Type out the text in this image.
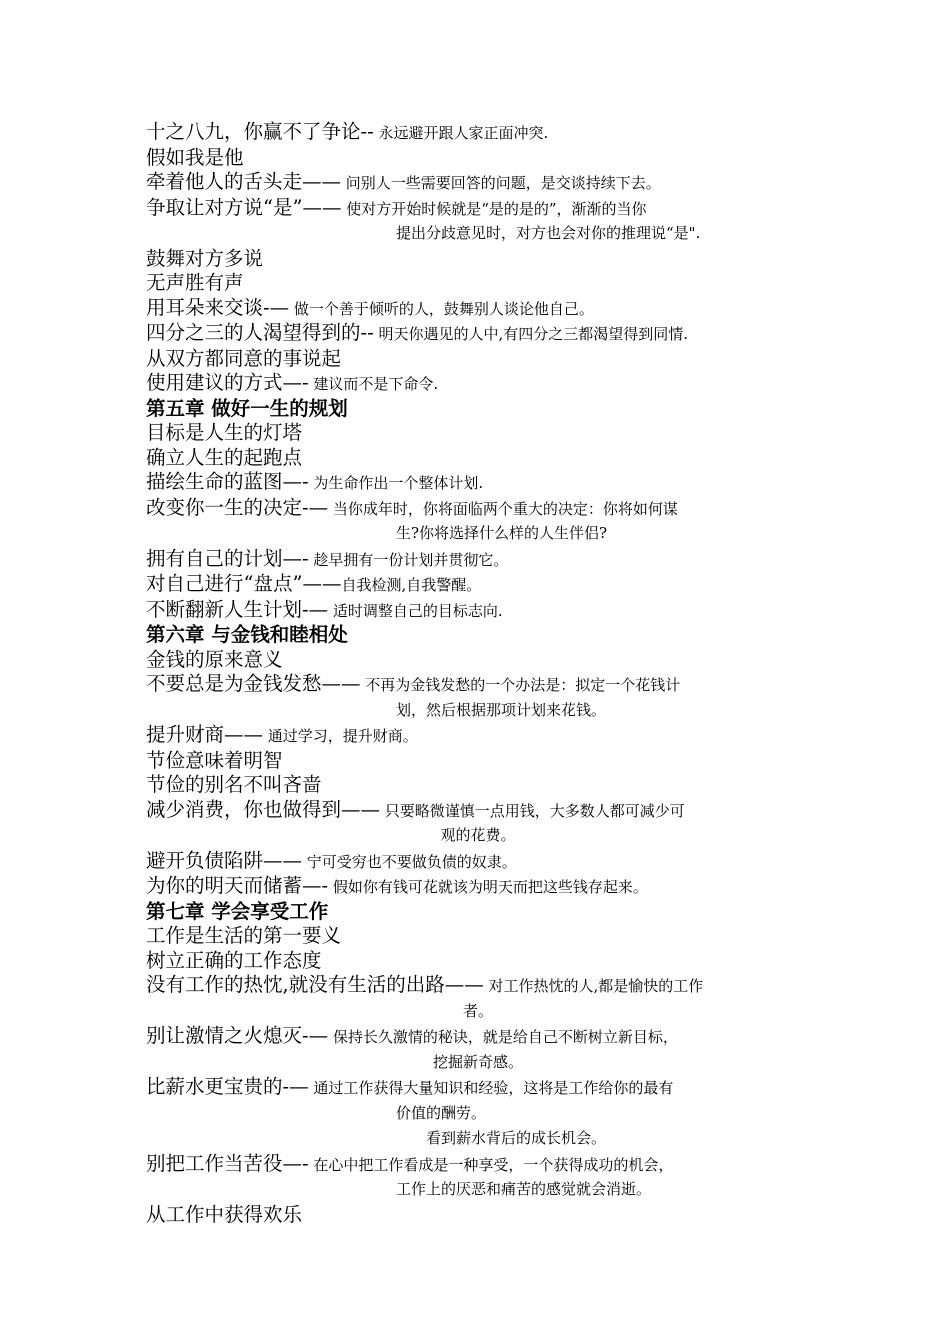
十之八九，你赢不了争论-- 永远避开跟人家正面冲突.
假如我是他
牵着他人的舌头走—— 问别人一些需要回答的问题，是交谈持续下去。
争取让对方说“是”—— 使对方开始时候就是“是的是的”，渐渐的当你
提出分歧意见时，对方也会对你的推理说“是".
鼓舞对方多说
无声胜有声
用耳朵来交谈-— 做一个善于倾听的人，鼓舞别人谈论他自己。
四分之三的人渴望得到的-- 明天你遇见的人中,有四分之三都渴望得到同情.
从双方都同意的事说起
使用建议的方式—- 建议而不是下命令.
第五章 做好一生的规划
目标是人生的灯塔
确立人生的起跑点
描绘生命的蓝图—- 为生命作出一个整体计划.
改变你一生的决定-— 当你成年时，你将面临两个重大的决定：你将如何谋
生?你将选择什么样的人生伴侣?
拥有自己的计划—- 趁早拥有一份计划并贯彻它。
对自己进行“盘点”——自我检测,自我警醒。
不断翻新人生计划-— 适时调整自己的目标志向.
第六章 与金钱和睦相处
金钱的原来意义
不要总是为金钱发愁—— 不再为金钱发愁的一个办法是：拟定一个花钱计
划，然后根据那项计划来花钱。
提升财商—— 通过学习，提升财商。
节俭意味着明智
节俭的别名不叫吝啬
减少消费，你也做得到—— 只要略微谨慎一点用钱，大多数人都可减少可
观的花费。
避开负债陷阱—— 宁可受穷也不要做负债的奴隶。
为你的明天而储蓄—- 假如你有钱可花就该为明天而把这些钱存起来。
第七章 学会享受工作
工作是生活的第一要义
树立正确的工作态度
没有工作的热忱,就没有生活的出路—— 对工作热忱的人,都是愉快的工作
者。
别让激情之火熄灭-— 保持长久激情的秘诀，就是给自己不断树立新目标，
挖掘新奇感。
比薪水更宝贵的-— 通过工作获得大量知识和经验，这将是工作给你的最有
价值的酬劳。
看到薪水背后的成长机会。
别把工作当苦役—- 在心中把工作看成是一种享受，一个获得成功的机会，
工作上的厌恶和痛苦的感觉就会消逝。
从工作中获得欢乐
